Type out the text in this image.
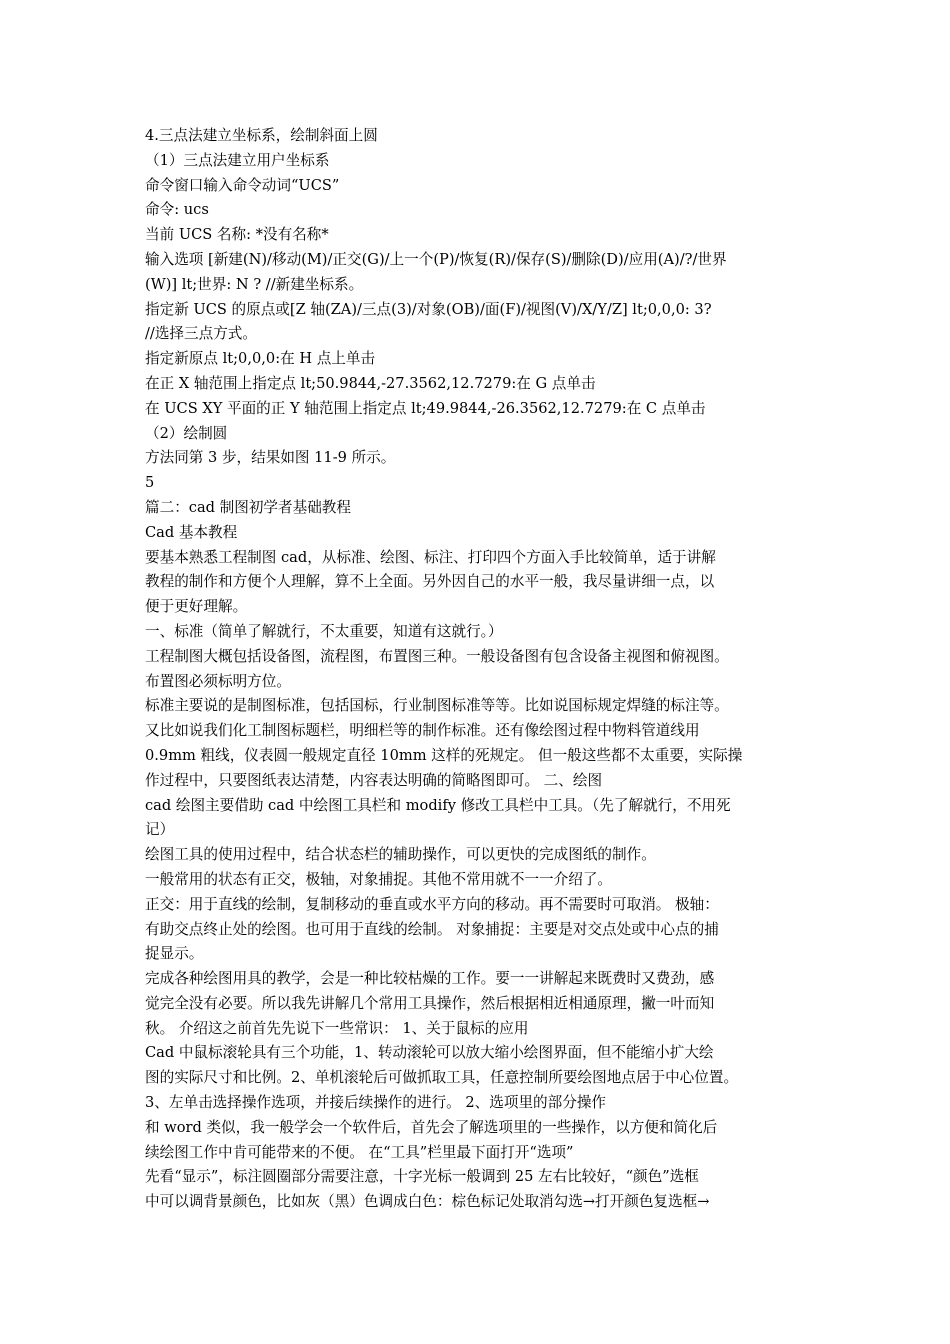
4.三点法建立坐标系，绘制斜面上圆
（1）三点法建立用户坐标系
命令窗口输入命令动词“UCS”
命令: ucs
当前 UCS 名称: *没有名称*
输入选项 [新建(N)/移动(M)/正交(G)/上一个(P)/恢复(R)/保存(S)/删除(D)/应用(A)/?/世界
(W)] lt;世界: N ? //新建坐标系。
指定新 UCS 的原点或[Z 轴(ZA)/三点(3)/对象(OB)/面(F)/视图(V)/X/Y/Z] lt;0,0,0: 3?
//选择三点方式。
指定新原点 lt;0,0,0:在 H 点上单击
在正 X 轴范围上指定点 lt;50.9844,-27.3562,12.7279:在 G 点单击
在 UCS XY 平面的正 Y 轴范围上指定点 lt;49.9844,-26.3562,12.7279:在 C 点单击
（2）绘制圆
方法同第 3 步，结果如图 11-9 所示。
5
篇二：cad 制图初学者基础教程
Cad 基本教程
要基本熟悉工程制图 cad，从标准、绘图、标注、打印四个方面入手比较简单，适于讲解
教程的制作和方便个人理解，算不上全面。另外因自己的水平一般，我尽量讲细一点，以
便于更好理解。
一、标准（简单了解就行，不太重要，知道有这就行。）
工程制图大概包括设备图，流程图，布置图三种。一般设备图有包含设备主视图和俯视图。
布置图必须标明方位。
标准主要说的是制图标准，包括国标，行业制图标准等等。比如说国标规定焊缝的标注等。
又比如说我们化工制图标题栏，明细栏等的制作标准。还有像绘图过程中物料管道线用
0.9mm 粗线，仪表圆一般规定直径 10mm 这样的死规定。 但一般这些都不太重要，实际操
作过程中，只要图纸表达清楚，内容表达明确的简略图即可。 二、绘图
cad 绘图主要借助 cad 中绘图工具栏和 modify 修改工具栏中工具。（先了解就行，不用死
记）
绘图工具的使用过程中，结合状态栏的辅助操作，可以更快的完成图纸的制作。
一般常用的状态有正交，极轴，对象捕捉。其他不常用就不一一介绍了。
正交：用于直线的绘制，复制移动的垂直或水平方向的移动。再不需要时可取消。 极轴：
有助交点终止处的绘图。也可用于直线的绘制。 对象捕捉：主要是对交点处或中心点的捕
捉显示。
完成各种绘图用具的教学，会是一种比较枯燥的工作。要一一讲解起来既费时又费劲，感
觉完全没有必要。所以我先讲解几个常用工具操作，然后根据相近相通原理，撇一叶而知
秋。 介绍这之前首先先说下一些常识： 1、关于鼠标的应用
Cad 中鼠标滚轮具有三个功能，1、转动滚轮可以放大缩小绘图界面，但不能缩小扩大绘
图的实际尺寸和比例。2、单机滚轮后可做抓取工具，任意控制所要绘图地点居于中心位置。
3、左单击选择操作选项，并接后续操作的进行。 2、选项里的部分操作
和 word 类似，我一般学会一个软件后，首先会了解选项里的一些操作，以方便和简化后
续绘图工作中肯可能带来的不便。 在“工具”栏里最下面打开“选项”
先看“显示”，标注圆圈部分需要注意，十字光标一般调到 25 左右比较好，“颜色”选框
中可以调背景颜色，比如灰（黑）色调成白色：棕色标记处取消勾选→打开颜色复选框→
